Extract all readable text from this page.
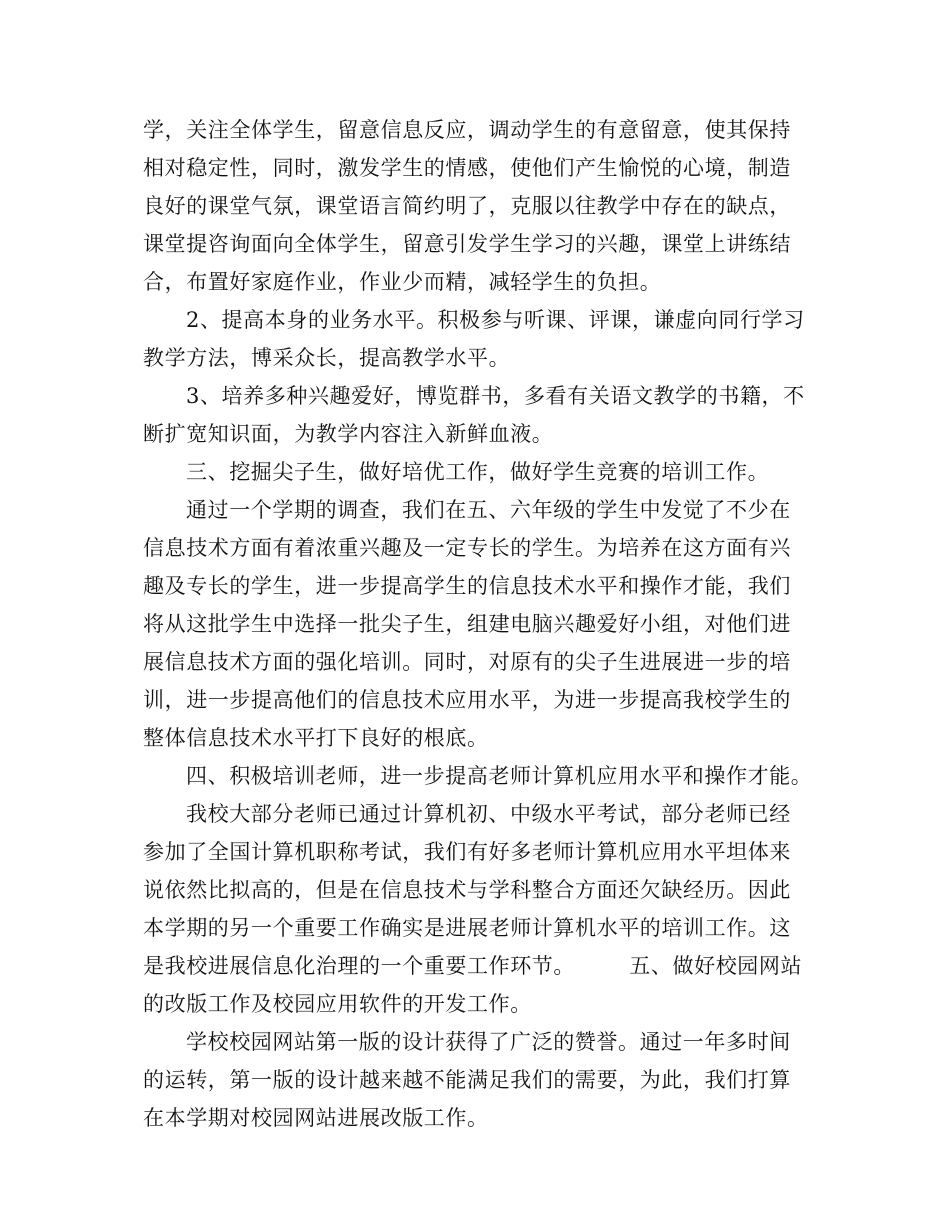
学，关注全体学生，留意信息反应，调动学生的有意留意，使其保持
相对稳定性，同时，激发学生的情感，使他们产生愉悦的心境，制造
良好的课堂气氛，课堂语言简约明了，克服以往教学中存在的缺点，
课堂提咨询面向全体学生，留意引发学生学习的兴趣，课堂上讲练结
合，布置好家庭作业，作业少而精，减轻学生的负担。
2、提高本身的业务水平。积极参与听课、评课，谦虚向同行学习
教学方法，博采众长，提高教学水平。
3、培养多种兴趣爱好，博览群书，多看有关语文教学的书籍，不
断扩宽知识面，为教学内容注入新鲜血液。
三、挖掘尖子生，做好培优工作，做好学生竞赛的培训工作。
通过一个学期的调查，我们在五、六年级的学生中发觉了不少在
信息技术方面有着浓重兴趣及一定专长的学生。为培养在这方面有兴
趣及专长的学生，进一步提高学生的信息技术水平和操作才能，我们
将从这批学生中选择一批尖子生，组建电脑兴趣爱好小组，对他们进
展信息技术方面的强化培训。同时，对原有的尖子生进展进一步的培
训，进一步提高他们的信息技术应用水平，为进一步提高我校学生的
整体信息技术水平打下良好的根底。
四、积极培训老师，进一步提高老师计算机应用水平和操作才能。
我校大部分老师已通过计算机初、中级水平考试，部分老师已经
参加了全国计算机职称考试，我们有好多老师计算机应用水平坦体来
说依然比拟高的，但是在信息技术与学科整合方面还欠缺经历。因此
本学期的另一个重要工作确实是进展老师计算机水平的培训工作。这
是我校进展信息化治理的一个重要工作环节。　　　五、做好校园网站
的改版工作及校园应用软件的开发工作。
学校校园网站第一版的设计获得了广泛的赞誉。通过一年多时间
的运转，第一版的设计越来越不能满足我们的需要，为此，我们打算
在本学期对校园网站进展改版工作。
